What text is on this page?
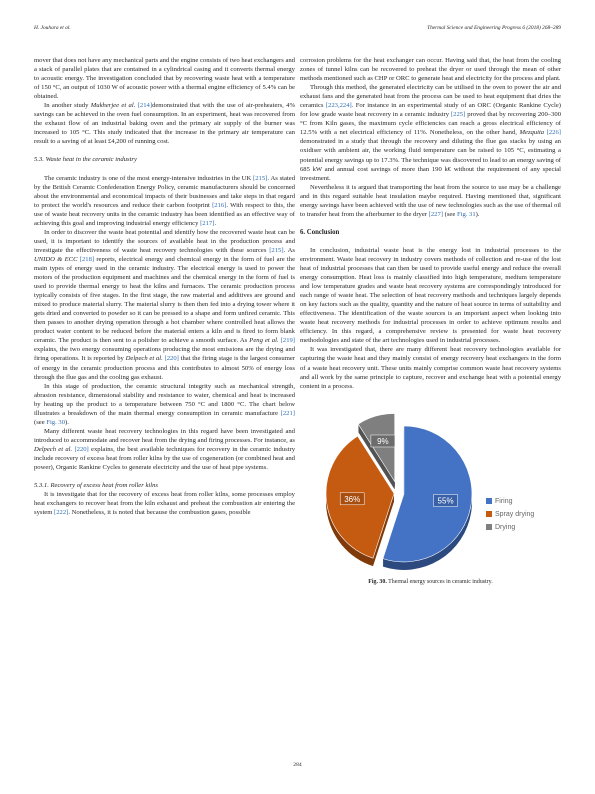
H. Jouhara et al.	Thermal Science and Engineering Progress 6 (2018) 268–289

mover that does not have any mechanical parts and the engine consists of two heat exchangers and a stack of parallel plates that are contained in a cylindrical casing and it converts thermal energy to acoustic energy. The investigation concluded that by recovering waste heat with a temperature of 150 °C, an output of 1030 W of acoustic power with a thermal engine efficiency of 5.4% can be obtained.

In another study Mukherjee et al. [214]demonstrated that with the use of air-preheaters, 4% savings can be achieved in the oven fuel consumption. In an experiment, heat was recovered from the exhaust flow of an industrial baking oven and the primary air supply of the burner was increased to 105 °C. This study indicated that the increase in the primary air temperature can result to a saving of at least £4,200 of running cost.

5.3. Waste heat in the ceramic industry

The ceramic industry is one of the most energy-intensive industries in the UK [215]. As stated by the British Ceramic Confederation Energy Policy, ceramic manufacturers should be concerned about the environmental and economical impacts of their businesses and take steps in that regard to protect the world's resources and reduce their carbon footprint [216]. With respect to this, the use of waste heat recovery units in the ceramic industry has been identified as an effective way of achieving this goal and improving industrial energy efficiency [217].

In order to discover the waste heat potential and identify how the recovered waste heat can be used, it is important to identify the sources of available heat in the production process and investigate the effectiveness of waste heat recovery technologies with these sources [215]. As UNIDO & ECC [218] reports, electrical energy and chemical energy in the form of fuel are the main types of energy used in the ceramic industry. The electrical energy is used to power the motors of the production equipment and machines and the chemical energy in the form of fuel is used to provide thermal energy to heat the kilns and furnaces. The ceramic production process typically consists of five stages. In the first stage, the raw material and additives are ground and mixed to produce material slurry. The material slurry is then then fed into a drying tower where it gets dried and converted to powder so it can be pressed to a shape and form unfired ceramic. This then passes to another drying operation through a hot chamber where controlled heat allows the product water content to be reduced before the material enters a kiln and is fired to form blank ceramic. The product is then sent to a polisher to achieve a smooth surface. As Peng et al. [219] explains, the two energy consuming operations producing the most emissions are the drying and firing operations. It is reported by Delpech et al. [220] that the firing stage is the largest consumer of energy in the ceramic production process and this contributes to almost 50% of energy loss through the flue gas and the cooling gas exhaust.

In this stage of production, the ceramic structural integrity such as mechanical strength, abrasion resistance, dimensional stability and resistance to water, chemical and heat is increased by heating up the product to a temperature between 750 °C and 1800 °C. The chart below illustrates a breakdown of the main thermal energy consumption in ceramic manufacture [221] (see Fig. 30).

Many different waste heat recovery technologies in this regard have been investigated and introduced to accommodate and recover heat from the drying and firing processes. For instance, as Delpech et al. [220] explains, the best available techniques for recovery in the ceramic industry include recovery of excess heat from roller kilns by the use of cogeneration (or combined heat and power), Organic Rankine Cycles to generate electricity and the use of heat pipe systems.

5.3.1. Recovery of excess heat from roller kilns

It is investigate that for the recovery of excess heat from roller kilns, some processes employ heat exchangers to recover heat from the kiln exhaust and preheat the combustion air entering the system [222]. Nonetheless, it is noted that because the combustion gases, possible

corrosion problems for the heat exchanger can occur. Having said that, the heat from the cooling zones of tunnel kilns can be recovered to preheat the dryer or used through the mean of other methods mentioned such as CHP or ORC to generate heat and electricity for the process and plant.

Through this method, the generated electricity can be utilised in the oven to power the air and exhaust fans and the generated heat from the process can be used to heat equipment that dries the ceramics [223,224]. For instance in an experimental study of an ORC (Organic Rankine Cycle) for low grade waste heat recovery in a ceramic industry [225] proved that by recovering 200–300 °C from Kiln gases, the maximum cycle efficiencies can reach a gross electrical efficiency of 12.5% with a net electrical efficiency of 11%. Nonetheless, on the other hand, Mezquita [226] demonstrated in a study that through the recovery and diluting the flue gas stacks by using an oxidiser with ambient air, the working fluid temperature can be raised to 105 °C, estimating a potential energy savings up to 17.3%. The technique was discovered to lead to an energy saving of 685 kW and annual cost savings of more than 190 k€ without the requirement of any special investment.

Nevertheless it is argued that transporting the heat from the source to use may be a challenge and in this regard suitable heat insulation maybe required. Having mentioned that, significant energy savings have been achieved with the use of new technologies such as the use of thermal oil to transfer heat from the afterburner to the dryer [227] (see Fig. 31).

6. Conclusion

In conclusion, industrial waste heat is the energy lost in industrial processes to the environment. Waste heat recovery in industry covers methods of collection and re-use of the lost heat of industrial processes that can then be used to provide useful energy and reduce the overall energy consumption. Heat loss is mainly classified into high temperature, medium temperature and low temperature grades and waste heat recovery systems are correspondingly introduced for each range of waste heat. The selection of heat recovery methods and techniques largely depends on key factors such as the quality, quantity and the nature of heat source in terms of suitability and effectiveness. The identification of the waste sources is an important aspect when looking into waste heat recovery methods for industrial processes in order to achieve optimum results and efficiency. In this regard, a comprehensive review is presented for waste heat recovery methodologies and state of the art technologies used in industrial processes.

It was investigated that, there are many different heat recovery technologies available for capturing the waste heat and they mainly consist of energy recovery heat exchangers in the form of a waste heat recovery unit. These units mainly comprise common waste heat recovery systems and all work by the same principle to capture, recover and exchange heat with a potential energy content in a process.

55%
36%
9%
Firing
Spray drying
Drying
Fig. 30. Thermal energy sources in ceramic industry.
284
